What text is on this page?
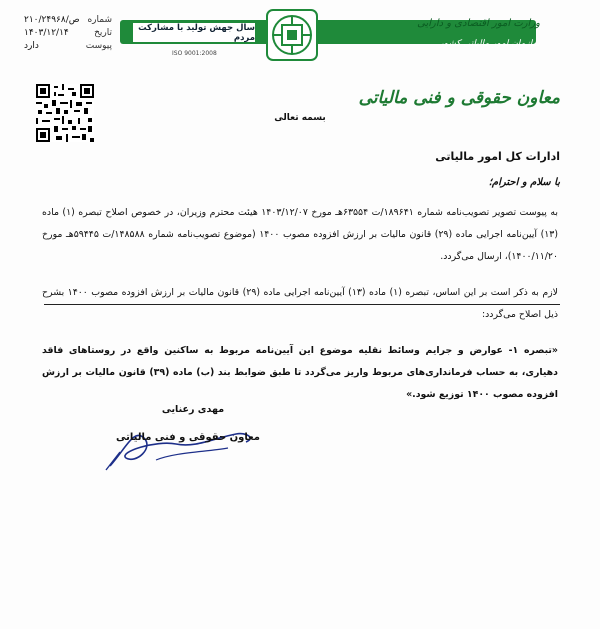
شماره
۲۱۰/۲۴۹۶۸/ص
تاریخ
۱۴۰۳/۱۲/۱۴
پیوست
دارد
سال جهش تولید با مشارکت مردم
وزارت امور اقتصادی و دارایی
سازمان امور مالیاتی کشور
ISO 9001:2008
معاون حقوقی و فنی مالیاتی
بسمه تعالی
ادارات کل امور مالیاتی
با سلام و احترام؛
به پیوست تصویر تصویب‌نامه شماره ۱۸۹۶۴۱/ت ۶۳۵۵۴هـ مورخ ۱۴۰۳/۱۲/۰۷ هیئت محترم وزیران، در خصوص اصلاح تبصره (۱) ماده (۱۳) آیین‌نامه اجرایی ماده (۲۹) قانون مالیات بر ارزش افزوده مصوب ۱۴۰۰ (موضوع تصویب‌نامه شماره ۱۴۸۵۸۸/ت ۵۹۴۴۵هـ مورخ ۱۴۰۰/۱۱/۲۰)، ارسال می‌گردد.
لازم به ذکر است بر این اساس، تبصره (۱) ماده (۱۳) آیین‌نامه اجرایی ماده (۲۹) قانون مالیات بر ارزش افزوده مصوب ۱۴۰۰ بشرح ذیل اصلاح می‌گردد:
«تبصره ۱- عوارض و جرایم وسائط نقلیه موضوع این آیین‌نامه مربوط به ساکنین واقع در روستاهای فاقد دهیاری، به حساب فرمانداری‌های مربوط واریز می‌گردد تا طبق ضوابط بند (ب) ماده (۳۹) قانون مالیات بر ارزش افزوده مصوب ۱۴۰۰ توزیع شود.»
مهدی رعنایی
معاون حقوقی و فنی مالیاتی
